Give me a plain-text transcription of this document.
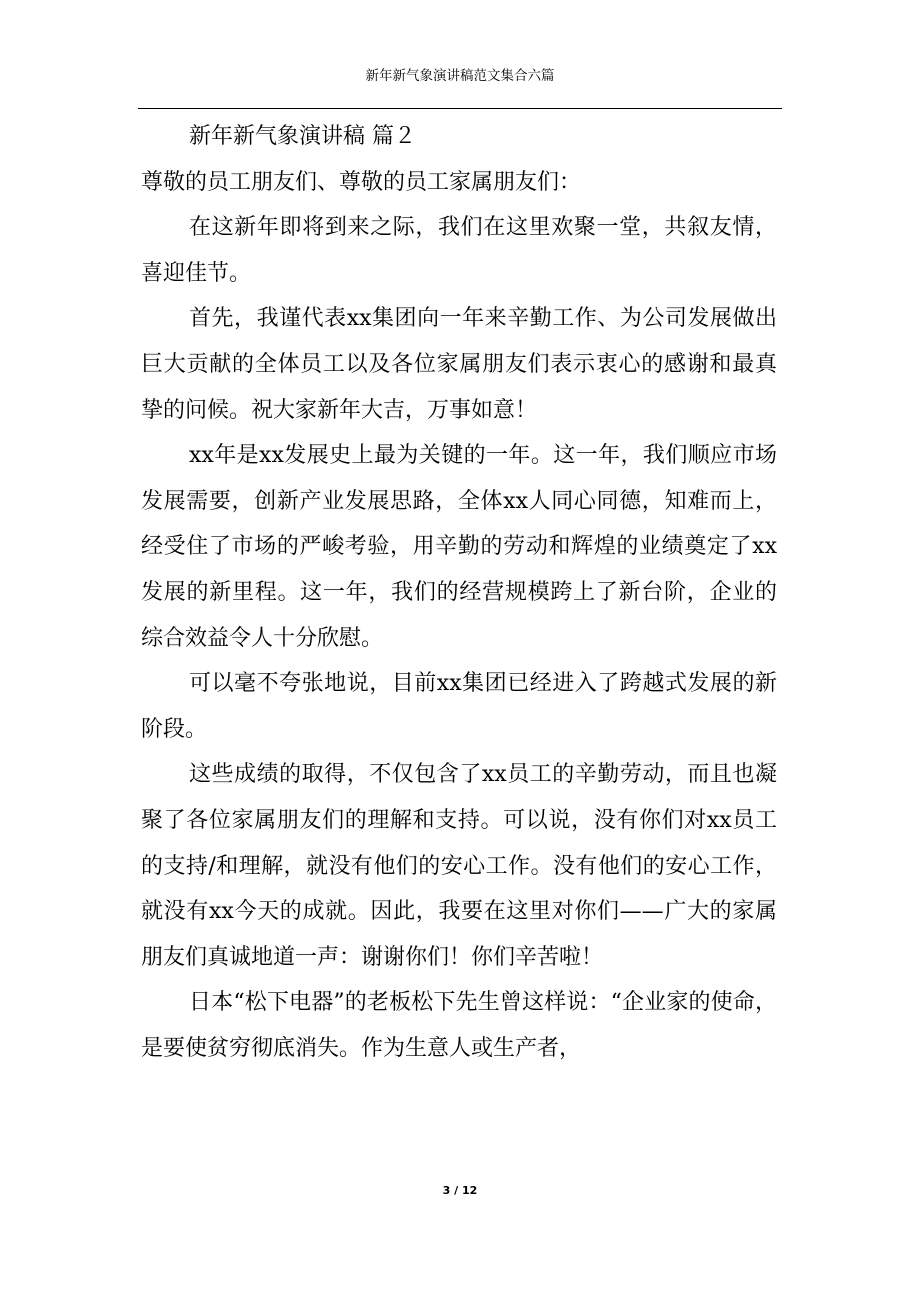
新年新气象演讲稿范文集合六篇

新年新气象演讲稿 篇２

尊敬的员工朋友们、尊敬的员工家属朋友们：

在这新年即将到来之际，我们在这里欢聚一堂，共叙友情，喜迎佳节。

首先，我谨代表xx集团向一年来辛勤工作、为公司发展做出巨大贡献的全体员工以及各位家属朋友们表示衷心的感谢和最真挚的问候。祝大家新年大吉，万事如意！

xx年是xx发展史上最为关键的一年。这一年，我们顺应市场发展需要，创新产业发展思路，全体xx人同心同德，知难而上，经受住了市场的严峻考验，用辛勤的劳动和辉煌的业绩奠定了xx发展的新里程。这一年，我们的经营规模跨上了新台阶，企业的综合效益令人十分欣慰。

可以毫不夸张地说，目前xx集团已经进入了跨越式发展的新阶段。

这些成绩的取得，不仅包含了xx员工的辛勤劳动，而且也凝聚了各位家属朋友们的理解和支持。可以说，没有你们对xx员工的支持/和理解，就没有他们的安心工作。没有他们的安心工作，就没有xx今天的成就。因此，我要在这里对你们——广大的家属朋友们真诚地道一声：谢谢你们！你们辛苦啦！

日本“松下电器”的老板松下先生曾这样说：“企业家的使命，是要使贫穷彻底消失。作为生意人或生产者，

3 / 12
